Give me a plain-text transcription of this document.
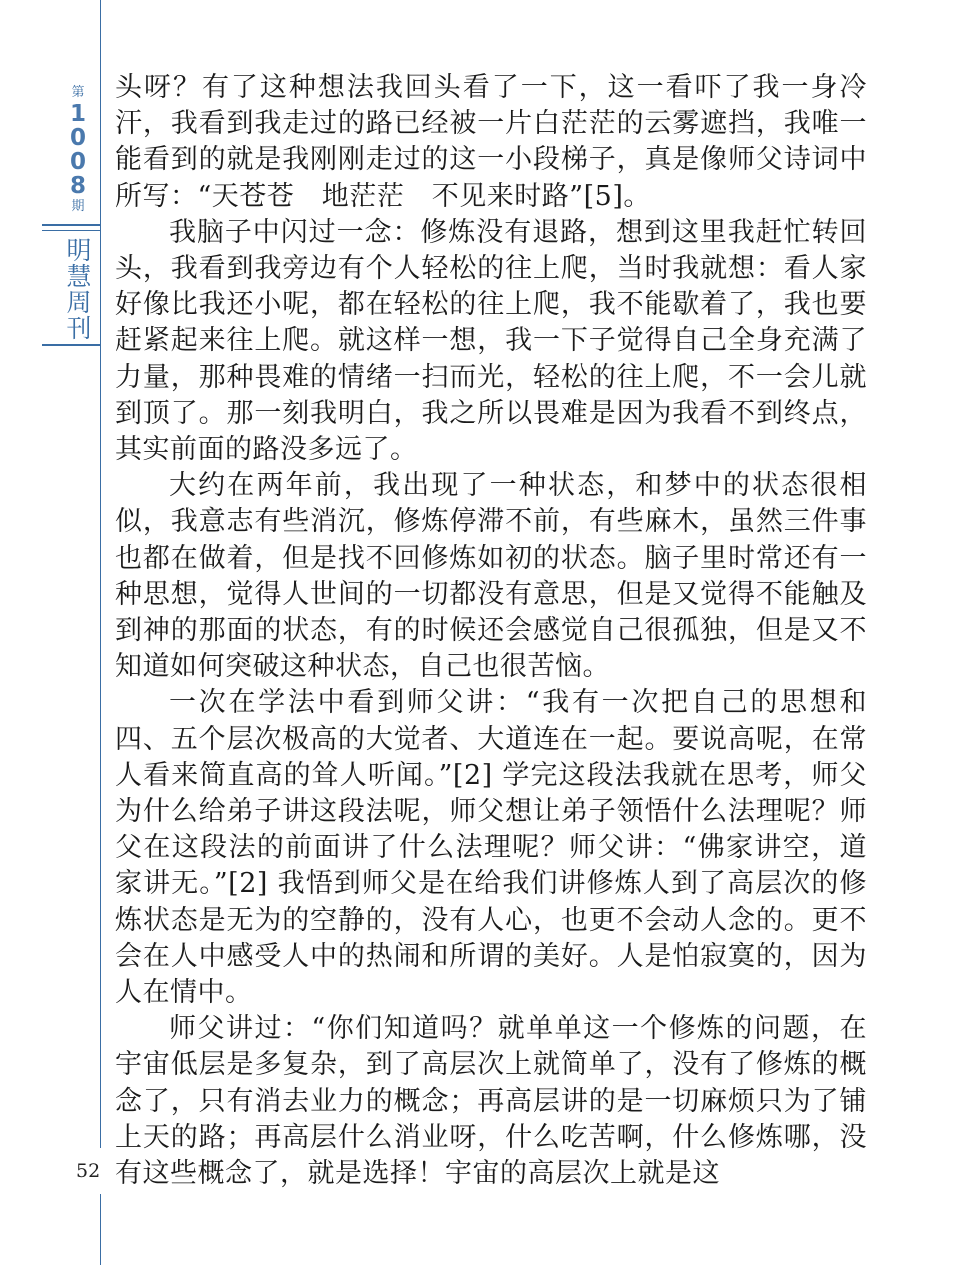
第
1
0
0
8
期
明
慧
周
刊
52

头呀？有了这种想法我回头看了一下，这一看吓了我一身冷汗，我看到我走过的路已经被一片白茫茫的云雾遮挡，我唯一能看到的就是我刚刚走过的这一小段梯子，真是像师父诗词中所写：“天苍苍　地茫茫　不见来时路”[5]。

我脑子中闪过一念：修炼没有退路，想到这里我赶忙转回头，我看到我旁边有个人轻松的往上爬，当时我就想：看人家好像比我还小呢，都在轻松的往上爬，我不能歇着了，我也要赶紧起来往上爬。就这样一想，我一下子觉得自己全身充满了力量，那种畏难的情绪一扫而光，轻松的往上爬，不一会儿就到顶了。那一刻我明白，我之所以畏难是因为我看不到终点，其实前面的路没多远了。

大约在两年前，我出现了一种状态，和梦中的状态很相似，我意志有些消沉，修炼停滞不前，有些麻木，虽然三件事也都在做着，但是找不回修炼如初的状态。脑子里时常还有一种思想，觉得人世间的一切都没有意思，但是又觉得不能触及到神的那面的状态，有的时候还会感觉自己很孤独，但是又不知道如何突破这种状态，自己也很苦恼。

一次在学法中看到师父讲：“我有一次把自己的思想和四、五个层次极高的大觉者、大道连在一起。要说高呢，在常人看来简直高的耸人听闻。”[2] 学完这段法我就在思考，师父为什么给弟子讲这段法呢，师父想让弟子领悟什么法理呢？师父在这段法的前面讲了什么法理呢？师父讲：“佛家讲空，道家讲无。”[2] 我悟到师父是在给我们讲修炼人到了高层次的修炼状态是无为的空静的，没有人心，也更不会动人念的。更不会在人中感受人中的热闹和所谓的美好。人是怕寂寞的，因为人在情中。

师父讲过：“你们知道吗？就单单这一个修炼的问题，在宇宙低层是多复杂，到了高层次上就简单了，没有了修炼的概念了，只有消去业力的概念；再高层讲的是一切麻烦只为了铺上天的路；再高层什么消业呀，什么吃苦啊，什么修炼哪，没有这些概念了，就是选择！宇宙的高层次上就是这
